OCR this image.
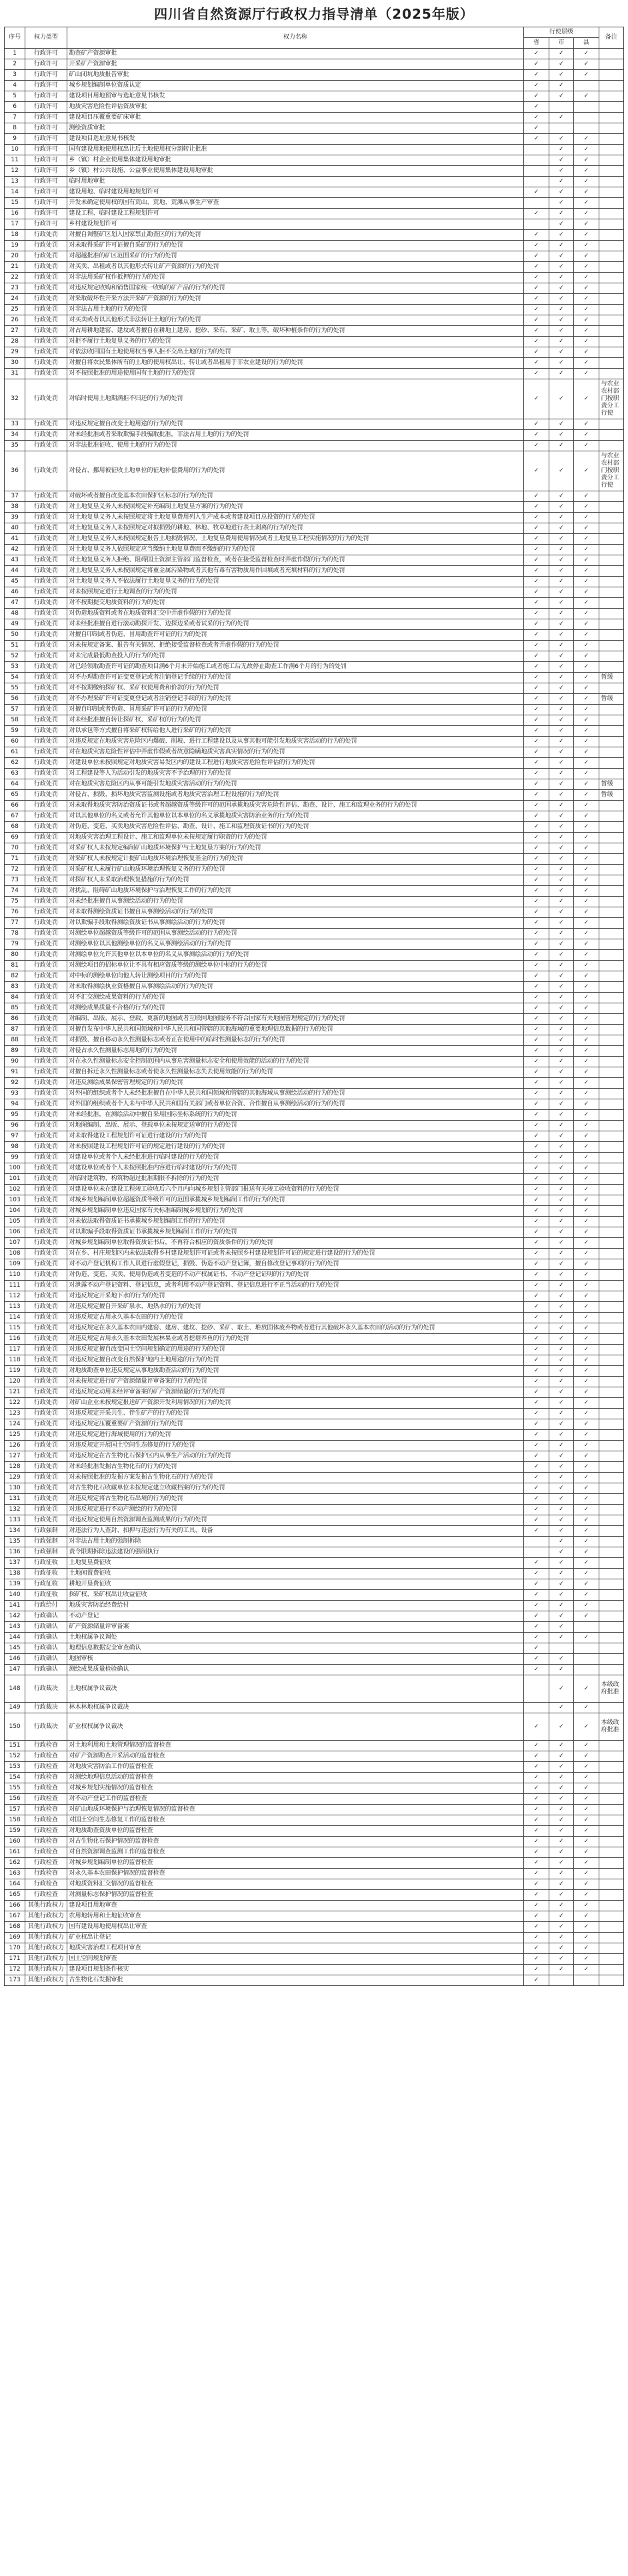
四川省自然资源厅行政权力指导清单（2025年版）
序号	权力类型	权力名称	行使层级			备注
			省	市	县	
1	行政许可	勘查矿产资源审批	✓	✓	✓	
2	行政许可	开采矿产资源审批	✓	✓	✓	
3	行政许可	矿山闭坑地质报告审批	✓	✓	✓	
4	行政许可	城乡规划编制单位资质认定	✓	✓		
5	行政许可	建设项目用地预审与选址意见书核发	✓	✓	✓	
6	行政许可	地质灾害危险性评估资质审批	✓			
7	行政许可	建设项目压覆重要矿床审批	✓	✓		
8	行政许可	测绘资质审批	✓			
9	行政许可	建设项目选址意见书核发	✓	✓	✓	
10	行政许可	国有建设用地使用权出让后土地使用权分割转让批准		✓	✓	
11	行政许可	乡（镇）村企业使用集体建设用地审批		✓	✓	
12	行政许可	乡（镇）村公共设施、公益事业使用集体建设用地审批		✓	✓	
13	行政许可	临时用地审批		✓	✓	
14	行政许可	建设用地、临时建设用地规划许可	✓	✓	✓	
15	行政许可	开发未确定使用权的国有荒山、荒地、荒滩从事生产审查		✓	✓	
16	行政许可	建设工程、临时建设工程规划许可	✓	✓	✓	
17	行政许可	乡村建设规划许可		✓	✓	
18	行政处罚	对擅自调整矿区划入国家禁止勘查区的行为的处罚	✓	✓	✓	
19	行政处罚	对未取得采矿许可证擅自采矿的行为的处罚	✓	✓	✓	
20	行政处罚	对超越批准的矿区范围采矿的行为的处罚	✓	✓	✓	
21	行政处罚	对买卖、出租或者以其他形式转让矿产资源的行为的处罚	✓	✓	✓	
22	行政处罚	对非法用采矿权作抵押的行为的处罚	✓	✓	✓	
23	行政处罚	对违反规定收购和销售国家统一收购的矿产品的行为的处罚	✓	✓	✓	
24	行政处罚	对采取破坏性开采方法开采矿产资源的行为的处罚	✓	✓	✓	
25	行政处罚	对非法占用土地的行为的处罚	✓	✓	✓	
26	行政处罚	对买卖或者以其他形式非法转让土地的行为的处罚	✓	✓	✓	
27	行政处罚	对占用耕地建窑、建坟或者擅自在耕地上建房、挖砂、采石、采矿、取土等，破坏种植条件的行为的处罚	✓	✓	✓	
28	行政处罚	对拒不履行土地复垦义务的行为的处罚	✓	✓	✓	
29	行政处罚	对依法收回国有土地使用权当事人拒不交出土地的行为的处罚	✓	✓	✓	
30	行政处罚	对擅自将农民集体所有的土地的使用权出让、转让或者出租用于非农业建设的行为的处罚	✓	✓	✓	
31	行政处罚	对不按照批准的用途使用国有土地的行为的处罚	✓	✓	✓	
32	行政处罚	对临时使用土地期满拒不归还的行为的处罚	✓	✓	✓	与农业农村部门按职责分工行使
33	行政处罚	对违反规定擅自改变土地用途的行为的处罚	✓	✓	✓	
34	行政处罚	对未经批准或者采取欺骗手段骗取批准，非法占用土地的行为的处罚	✓	✓	✓	
35	行政处罚	对非法批准征收、使用土地的行为的处罚	✓	✓	✓	
36	行政处罚	对侵占、挪用被征收土地单位的征地补偿费用的行为的处罚	✓	✓	✓	与农业农村部门按职责分工行使
37	行政处罚	对破坏或者擅自改变基本农田保护区标志的行为的处罚	✓	✓	✓	
38	行政处罚	对土地复垦义务人未按照规定补充编制土地复垦方案的行为的处罚	✓	✓	✓	
39	行政处罚	对土地复垦义务人未按照规定将土地复垦费用列入生产成本或者建设项目总投资的行为的处罚	✓	✓	✓	
40	行政处罚	对土地复垦义务人未按照规定对拟损毁的耕地、林地、牧草地进行表土剥离的行为的处罚	✓	✓	✓	
41	行政处罚	对土地复垦义务人未按照规定报告土地损毁情况、土地复垦费用使用情况或者土地复垦工程实施情况的行为的处罚	✓	✓	✓	
42	行政处罚	对土地复垦义务人依照规定应当缴纳土地复垦费而不缴纳的行为的处罚	✓	✓	✓	
43	行政处罚	对土地复垦义务人拒绝、阻碍国土资源主管部门监督检查，或者在接受监督检查时弄虚作假的行为的处罚	✓	✓	✓	
44	行政处罚	对土地复垦义务人未按照规定将重金属污染物或者其他有毒有害物质用作回填或者充填材料的行为的处罚	✓	✓	✓	
45	行政处罚	对土地复垦义务人不依法履行土地复垦义务的行为的处罚	✓	✓	✓	
46	行政处罚	对未按照规定进行土地调查的行为的处罚	✓	✓	✓	
47	行政处罚	对不按期提交地质资料的行为的处罚	✓	✓	✓	
48	行政处罚	对伪造地质资料或者在地质资料汇交中弄虚作假的行为的处罚	✓	✓	✓	
49	行政处罚	对未经批准擅自进行滚动勘探开发、边探边采或者试采的行为的处罚	✓	✓	✓	
50	行政处罚	对擅自印制或者伪造、冒用勘查许可证的行为的处罚	✓	✓	✓	
51	行政处罚	对未按规定备案、报告有关情况、拒绝接受监督检查或者弄虚作假的行为的处罚	✓	✓	✓	
52	行政处罚	对未完成最低勘查投入的行为的处罚	✓	✓	✓	
53	行政处罚	对已经领取勘查许可证的勘查项目满6个月未开始施工或者施工后无故停止勘查工作满6个月的行为的处罚	✓	✓	✓	
54	行政处罚	对不办理勘查许可证变更登记或者注销登记手续的行为的处罚	✓	✓	✓	暂缓
55	行政处罚	对不按期缴纳探矿权、采矿权使用费和价款的行为的处罚	✓	✓	✓	
56	行政处罚	对不办理采矿许可证变更登记或者注销登记手续的行为的处罚	✓	✓	✓	暂缓
57	行政处罚	对擅自印制或者伪造、冒用采矿许可证的行为的处罚	✓	✓	✓	
58	行政处罚	对未经批准擅自转让探矿权、采矿权的行为的处罚	✓	✓	✓	
59	行政处罚	对以承包等方式擅自将采矿权转给他人进行采矿的行为的处罚	✓	✓	✓	
60	行政处罚	对违反规定在地质灾害危险区内爆破、削坡、进行工程建设以及从事其他可能引发地质灾害活动的行为的处罚	✓	✓	✓	
61	行政处罚	对在地质灾害危险性评估中弄虚作假或者故意隐瞒地质灾害真实情况的行为的处罚	✓	✓	✓	
62	行政处罚	对建设单位未按照规定对地质灾害易发区内的建设工程进行地质灾害危险性评估的行为的处罚	✓	✓	✓	
63	行政处罚	对工程建设等人为活动引发的地质灾害不予治理的行为的处罚	✓	✓	✓	
64	行政处罚	对在地质灾害危险区内从事可能引发地质灾害活动的行为的处罚	✓	✓	✓	暂缓
65	行政处罚	对侵占、损毁、损坏地质灾害监测设施或者地质灾害治理工程设施的行为的处罚	✓	✓	✓	暂缓
66	行政处罚	对未取得地质灾害防治资质证书或者超越资质等级许可的范围承揽地质灾害危险性评估、勘查、设计、施工和监理业务的行为的处罚	✓	✓	✓	
67	行政处罚	对以其他单位的名义或者允许其他单位以本单位的名义承揽地质灾害防治业务的行为的处罚	✓	✓	✓	
68	行政处罚	对伪造、变造、买卖地质灾害危险性评估、勘查、设计、施工和监理资质证书的行为的处罚	✓	✓	✓	
69	行政处罚	对地质灾害治理工程设计、施工和监理单位未按规定履行职责的行为的处罚	✓	✓	✓	
70	行政处罚	对采矿权人未按规定编制矿山地质环境保护与土地复垦方案的行为的处罚	✓	✓	✓	
71	行政处罚	对采矿权人未按规定计提矿山地质环境治理恢复基金的行为的处罚	✓	✓	✓	
72	行政处罚	对采矿权人未履行矿山地质环境治理恢复义务的行为的处罚	✓	✓	✓	
73	行政处罚	对探矿权人未采取治理恢复措施的行为的处罚	✓	✓	✓	
74	行政处罚	对扰乱、阻碍矿山地质环境保护与治理恢复工作的行为的处罚	✓	✓	✓	
75	行政处罚	对未经批准擅自从事测绘活动的行为的处罚	✓	✓	✓	
76	行政处罚	对未取得测绘资质证书擅自从事测绘活动的行为的处罚	✓	✓	✓	
77	行政处罚	对以欺骗手段取得测绘资质证书从事测绘活动的行为的处罚	✓	✓	✓	
78	行政处罚	对测绘单位超越资质等级许可的范围从事测绘活动的行为的处罚	✓	✓	✓	
79	行政处罚	对测绘单位以其他测绘单位的名义从事测绘活动的行为的处罚	✓	✓	✓	
80	行政处罚	对测绘单位允许其他单位以本单位的名义从事测绘活动的行为的处罚	✓	✓	✓	
81	行政处罚	对测绘项目的招标单位让不具有相应资质等级的测绘单位中标的行为的处罚	✓	✓	✓	
82	行政处罚	对中标的测绘单位向他人转让测绘项目的行为的处罚	✓	✓	✓	
83	行政处罚	对未取得测绘执业资格擅自从事测绘活动的行为的处罚	✓	✓	✓	
84	行政处罚	对不汇交测绘成果资料的行为的处罚	✓	✓	✓	
85	行政处罚	对测绘成果质量不合格的行为的处罚	✓	✓	✓	
86	行政处罚	对编制、出版、展示、登载、更新的地图或者互联网地图服务不符合国家有关地图管理规定的行为的处罚	✓	✓	✓	
87	行政处罚	对擅自发布中华人民共和国领域和中华人民共和国管辖的其他海域的重要地理信息数据的行为的处罚	✓	✓	✓	
88	行政处罚	对损毁、擅自移动永久性测量标志或者正在使用中的临时性测量标志的行为的处罚	✓	✓	✓	
89	行政处罚	对侵占永久性测量标志用地的行为的处罚	✓	✓	✓	
90	行政处罚	对在永久性测量标志安全控制范围内从事危害测量标志安全和使用效能的活动的行为的处罚	✓	✓	✓	
91	行政处罚	对擅自拆迁永久性测量标志或者使永久性测量标志失去使用效能的行为的处罚	✓	✓	✓	
92	行政处罚	对违反测绘成果保密管理规定的行为的处罚	✓	✓	✓	
93	行政处罚	对外国的组织或者个人未经批准擅自在中华人民共和国领域和管辖的其他海域从事测绘活动的行为的处罚	✓	✓	✓	
94	行政处罚	对外国的组织或者个人未与中华人民共和国有关部门或者单位合资、合作擅自从事测绘活动的行为的处罚	✓	✓	✓	
95	行政处罚	对未经批准，在测绘活动中擅自采用国际坐标系统的行为的处罚	✓	✓	✓	
96	行政处罚	对地图编制、出版、展示、登载单位未按规定送审的行为的处罚	✓	✓	✓	
97	行政处罚	对未取得建设工程规划许可证进行建设的行为的处罚	✓	✓	✓	
98	行政处罚	对未按照建设工程规划许可证的规定进行建设的行为的处罚	✓	✓	✓	
99	行政处罚	对建设单位或者个人未经批准进行临时建设的行为的处罚	✓	✓	✓	
100	行政处罚	对建设单位或者个人未按照批准内容进行临时建设的行为的处罚	✓	✓	✓	
101	行政处罚	对临时建筑物、构筑物超过批准期限不拆除的行为的处罚	✓	✓	✓	
102	行政处罚	对建设单位未在建设工程竣工验收后六个月内向城乡规划主管部门报送有关竣工验收资料的行为的处罚	✓	✓	✓	
103	行政处罚	对城乡规划编制单位超越资质等级许可的范围承揽城乡规划编制工作的行为的处罚	✓	✓	✓	
104	行政处罚	对城乡规划编制单位违反国家有关标准编制城乡规划的行为的处罚	✓	✓	✓	
105	行政处罚	对未依法取得资质证书承揽城乡规划编制工作的行为的处罚	✓	✓	✓	
106	行政处罚	对以欺骗手段取得资质证书承揽城乡规划编制工作的行为的处罚	✓	✓	✓	
107	行政处罚	对城乡规划编制单位取得资质证书后，不再符合相应的资质条件的行为的处罚	✓	✓	✓	
108	行政处罚	对在乡、村庄规划区内未依法取得乡村建设规划许可证或者未按照乡村建设规划许可证的规定进行建设的行为的处罚	✓	✓	✓	
109	行政处罚	对不动产登记机构工作人员进行虚假登记，损毁、伪造不动产登记簿，擅自修改登记事项的行为的处罚	✓	✓	✓	
110	行政处罚	对伪造、变造、买卖、使用伪造或者变造的不动产权属证书、不动产登记证明的行为的处罚	✓	✓	✓	
111	行政处罚	对泄露不动产登记资料、登记信息，或者利用不动产登记资料、登记信息进行不正当活动的行为的处罚	✓	✓	✓	
112	行政处罚	对违反规定开采地下水的行为的处罚	✓	✓	✓	
113	行政处罚	对违反规定擅自开采矿泉水、地热水的行为的处罚	✓	✓	✓	
114	行政处罚	对违反规定占用永久基本农田的行为的处罚	✓	✓	✓	
115	行政处罚	对违反规定在永久基本农田内建窑、建房、建坟、挖砂、采矿、取土、堆放固体废弃物或者进行其他破坏永久基本农田的活动的行为的处罚	✓	✓	✓	
116	行政处罚	对违反规定占用永久基本农田发展林果业或者挖塘养鱼的行为的处罚	✓	✓	✓	
117	行政处罚	对违反规定擅自改变国土空间规划确定的用途的行为的处罚	✓	✓	✓	
118	行政处罚	对违反规定擅自改变自然保护地内土地用途的行为的处罚	✓	✓	✓	
119	行政处罚	对地质勘查单位违反规定从事地质勘查活动的行为的处罚	✓	✓	✓	
120	行政处罚	对未按规定进行矿产资源储量评审备案的行为的处罚	✓	✓	✓	
121	行政处罚	对违反规定动用未经评审备案的矿产资源储量的行为的处罚	✓	✓	✓	
122	行政处罚	对矿山企业未按规定报送矿产资源开发利用情况的行为的处罚	✓	✓	✓	
123	行政处罚	对违反规定开采共生、伴生矿产的行为的处罚	✓	✓	✓	
124	行政处罚	对违反规定压覆重要矿产资源的行为的处罚	✓	✓	✓	
125	行政处罚	对违反规定进行海域使用的行为的处罚	✓	✓	✓	
126	行政处罚	对违反规定开展国土空间生态修复的行为的处罚	✓	✓	✓	
127	行政处罚	对违反规定在古生物化石保护区内从事生产活动的行为的处罚	✓	✓	✓	
128	行政处罚	对未经批准发掘古生物化石的行为的处罚	✓	✓	✓	
129	行政处罚	对未按照批准的发掘方案发掘古生物化石的行为的处罚	✓	✓	✓	
130	行政处罚	对古生物化石收藏单位未按规定建立收藏档案的行为的处罚	✓	✓	✓	
131	行政处罚	对违反规定将古生物化石出境的行为的处罚	✓	✓	✓	
132	行政处罚	对违反规定进行不动产测绘的行为的处罚	✓	✓	✓	
133	行政处罚	对违反规定使用自然资源调查监测成果的行为的处罚	✓	✓	✓	
134	行政强制	对违法行为人查封、扣押与违法行为有关的工具、设备	✓	✓	✓	
135	行政强制	对非法占用土地的强制拆除		✓	✓	
136	行政强制	责令限期拆除违法建设的强制执行		✓	✓	
137	行政征收	土地复垦费征收	✓	✓	✓	
138	行政征收	土地闲置费征收	✓	✓	✓	
139	行政征收	耕地开垦费征收	✓	✓	✓	
140	行政征收	探矿权、采矿权出让收益征收	✓	✓	✓	
141	行政给付	地质灾害防治经费给付	✓	✓	✓	
142	行政确认	不动产登记	✓	✓	✓	
143	行政确认	矿产资源储量评审备案	✓	✓		
144	行政确认	土地权属争议调处	✓	✓	✓	
145	行政确认	地理信息数据安全审查确认	✓			
146	行政确认	地图审核	✓	✓		
147	行政确认	测绘成果质量检验确认	✓	✓		
148	行政裁决	土地权属争议裁决		✓	✓	本级政府批准
149	行政裁决	林木林地权属争议裁决		✓	✓	
150	行政裁决	矿业权权属争议裁决	✓	✓	✓	本级政府批准
151	行政检查	对土地利用和土地管理情况的监督检查	✓	✓	✓	
152	行政检查	对矿产资源勘查开采活动的监督检查	✓	✓	✓	
153	行政检查	对地质灾害防治工作的监督检查	✓	✓	✓	
154	行政检查	对测绘地理信息活动的监督检查	✓	✓	✓	
155	行政检查	对城乡规划实施情况的监督检查	✓	✓	✓	
156	行政检查	对不动产登记工作的监督检查	✓	✓	✓	
157	行政检查	对矿山地质环境保护与治理恢复情况的监督检查	✓	✓	✓	
158	行政检查	对国土空间生态修复工作的监督检查	✓	✓	✓	
159	行政检查	对地质勘查资质单位的监督检查	✓	✓	✓	
160	行政检查	对古生物化石保护情况的监督检查	✓	✓	✓	
161	行政检查	对自然资源调查监测工作的监督检查	✓	✓	✓	
162	行政检查	对城乡规划编制单位的监督检查	✓	✓	✓	
163	行政检查	对永久基本农田保护情况的监督检查	✓	✓	✓	
164	行政检查	对地质资料汇交情况的监督检查	✓	✓	✓	
165	行政检查	对测量标志保护情况的监督检查	✓	✓	✓	
166	其他行政权力	建设项目用地审查	✓	✓	✓	
167	其他行政权力	农用地转用和土地征收审查	✓	✓	✓	
168	其他行政权力	国有建设用地使用权出让审查	✓	✓	✓	
169	其他行政权力	矿业权出让登记	✓	✓	✓	
170	其他行政权力	地质灾害治理工程项目审查	✓	✓	✓	
171	其他行政权力	国土空间规划审查	✓	✓	✓	
172	其他行政权力	建设项目规划条件核实	✓	✓	✓	
173	其他行政权力	古生物化石发掘审批	✓			
